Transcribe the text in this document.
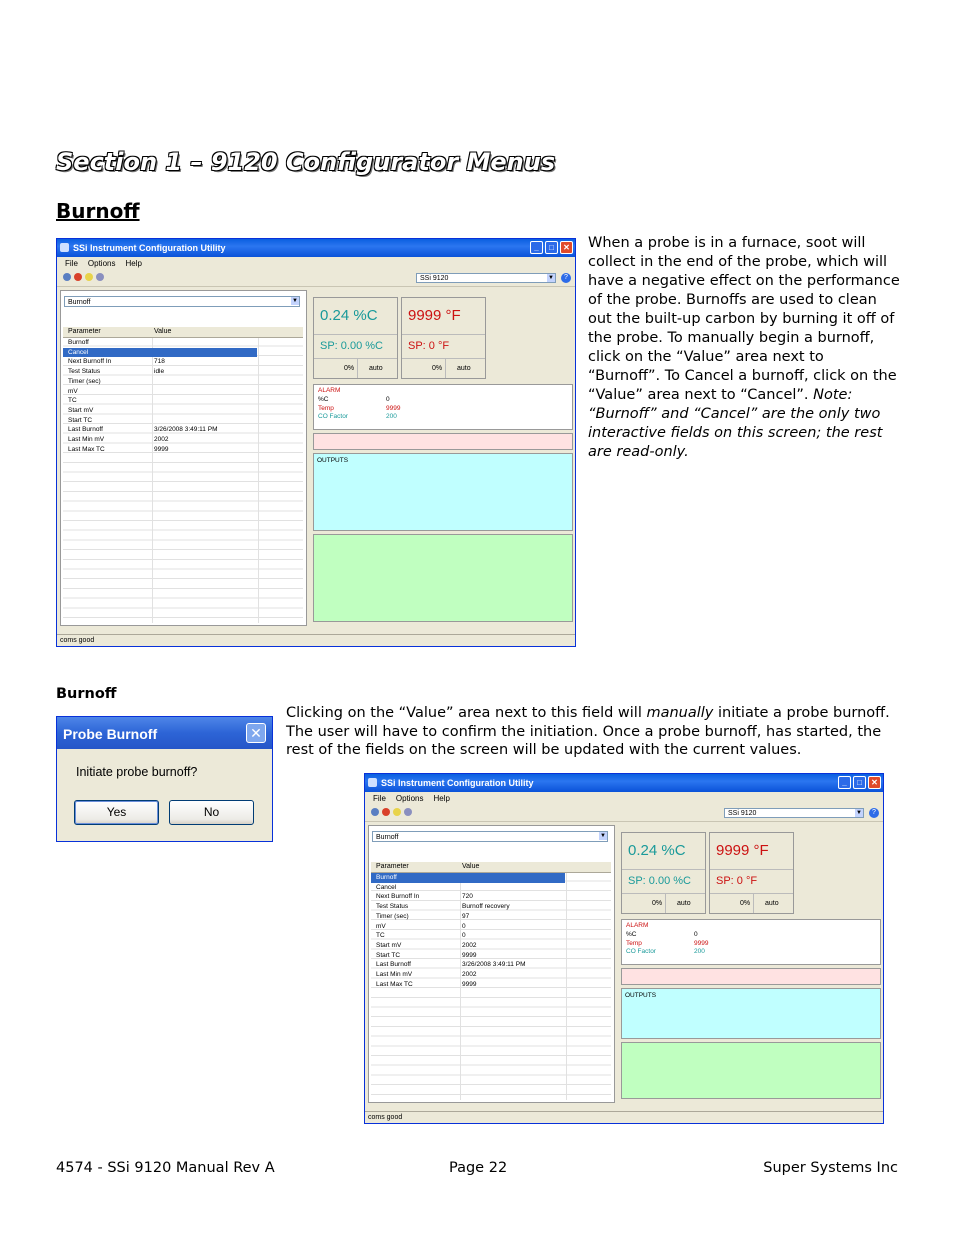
Section 1 – 9120 Configurator Menus
Burnoff
SSi Instrument Configuration Utility	_	□	✕
File Options Help
SSi 9120	▼	?
Burnoff	▼
Parameter	Value
Burnoff
Cancel
Next Burnoff In	718
Test Status	idle
Timer (sec)
mV
TC
Start mV
Start TC
Last Burnoff	3/26/2008 3:49:11 PM
Last Min mV	2002
Last Max TC	9999
0.24 %C
SP: 0.00 %C
0% auto
9999 °F
SP: 0 °F
0% auto
ALARM
%C	0
Temp	9999
CO Factor	200
OUTPUTS
coms good
When a probe is in a furnace, soot will collect in the end of the probe, which will have a negative effect on the performance of the probe. Burnoffs are used to clean out the built-up carbon by burning it off of the probe. To manually begin a burnoff, click on the “Value” area next to “Burnoff”. To Cancel a burnoff, click on the “Value” area next to “Cancel”. Note: “Burnoff” and “Cancel” are the only two interactive fields on this screen; the rest are read-only.
Burnoff
Probe Burnoff	✕
Initiate probe burnoff?
Yes	No
Clicking on the “Value” area next to this field will manually initiate a probe burnoff. The user will have to confirm the initiation. Once a probe burnoff, has started, the rest of the fields on the screen will be updated with the current values.
SSi Instrument Configuration Utility	_	□	✕
File Options Help
SSi 9120	▼	?
Burnoff	▼
Parameter	Value
Burnoff
Cancel
Next Burnoff In	720
Test Status	Burnoff recovery
Timer (sec)	97
mV	0
TC	0
Start mV	2002
Start TC	9999
Last Burnoff	3/26/2008 3:49:11 PM
Last Min mV	2002
Last Max TC	9999
0.24 %C
SP: 0.00 %C
0% auto
9999 °F
SP: 0 °F
0% auto
ALARM
%C	0
Temp	9999
CO Factor	200
OUTPUTS
coms good
4574 - SSi 9120 Manual Rev A	Page 22	Super Systems Inc
